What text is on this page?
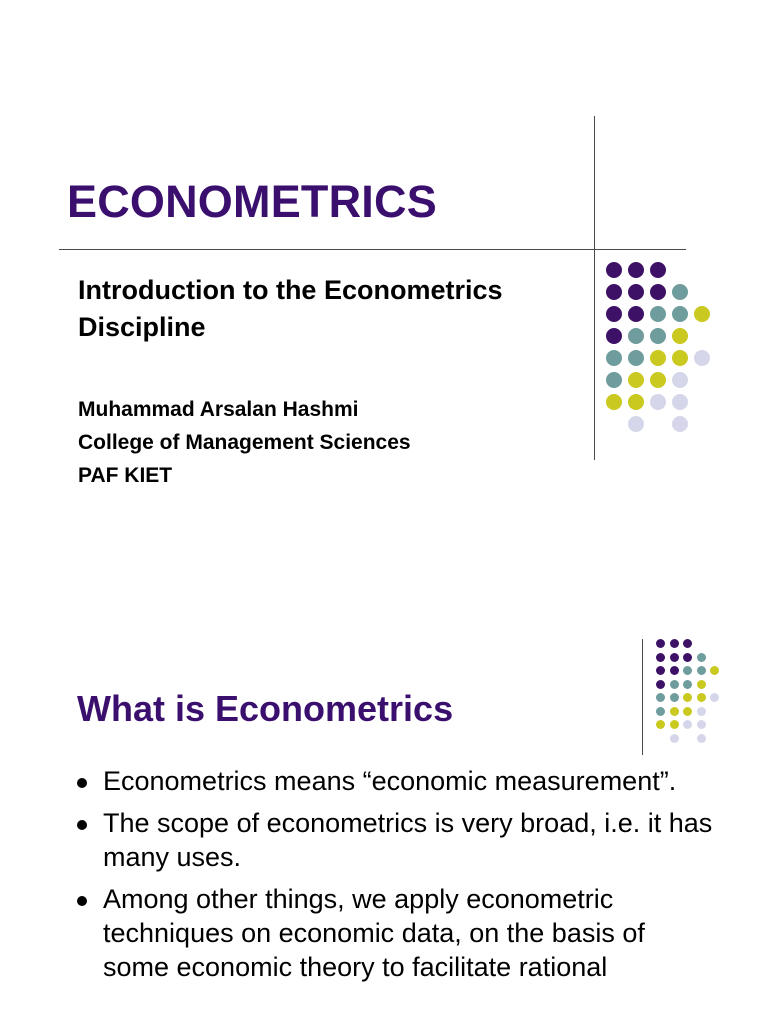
ECONOMETRICS

Introduction to the Econometrics Discipline

Muhammad Arsalan Hashmi

College of Management Sciences

PAF KIET

What is Econometrics
Econometrics means “economic measurement”.
The scope of econometrics is very broad, i.e. it has many uses.
Among other things, we apply econometric techniques on economic data, on the basis of some economic theory to facilitate rational
